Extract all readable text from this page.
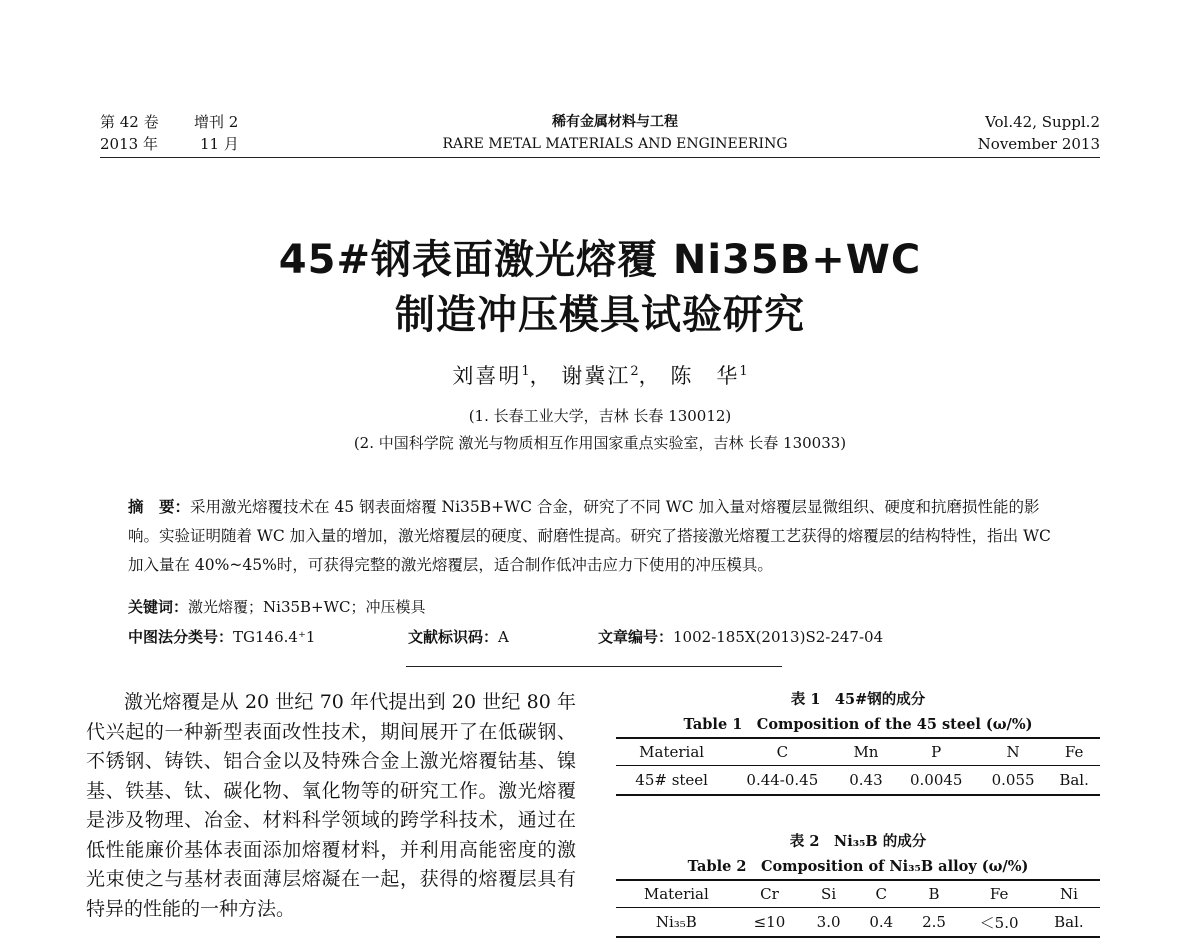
第 42 卷 增刊 2
2013 年	11 月
稀有金属材料与工程
RARE METAL MATERIALS AND ENGINEERING
Vol.42, Suppl.2
November 2013
45#钢表面激光熔覆 Ni35B+WC
制造冲压模具试验研究
刘喜明$^1$， 谢冀江$^2$， 陈　华$^1$
(1. 长春工业大学，吉林 长春 130012)
(2. 中国科学院 激光与物质相互作用国家重点实验室，吉林 长春 130033)
摘　要：采用激光熔覆技术在 45 钢表面熔覆 Ni35B+WC 合金，研究了不同 WC 加入量对熔覆层显微组织、硬度和抗磨损性能的影响。实验证明随着 WC 加入量的增加，激光熔覆层的硬度、耐磨性提高。研究了搭接激光熔覆工艺获得的熔覆层的结构特性，指出 WC 加入量在 40%~45%时，可获得完整的激光熔覆层，适合制作低冲击应力下使用的冲压模具。
关键词：激光熔覆；Ni35B+WC；冲压模具
中图法分类号：TG146.4⁺1	文献标识码：A	文章编号：1002-185X(2013)S2-247-04

激光熔覆是从 20 世纪 70 年代提出到 20 世纪 80 年代兴起的一种新型表面改性技术，期间展开了在低碳钢、不锈钢、铸铁、铝合金以及特殊合金上激光熔覆钴基、镍基、铁基、钛、碳化物、氧化物等的研究工作。激光熔覆是涉及物理、冶金、材料科学领域的跨学科技术，通过在低性能廉价基体表面添加熔覆材料，并利用高能密度的激光束使之与基材表面薄层熔凝在一起，获得的熔覆层具有特异的性能的一种方法。

表 1　45#钢的成分
Table 1　Composition of the 45 steel (ω/%)
Material	C	Mn	P	N	Fe
45# steel	0.44-0.45	0.43	0.0045	0.055	Bal.
表 2　Ni₃₅B 的成分
Table 2　Composition of Ni₃₅B alloy (ω/%)
Material	Cr	Si	C	B	Fe	Ni
Ni₃₅B	≤10	3.0	0.4	2.5	＜5.0	Bal.
